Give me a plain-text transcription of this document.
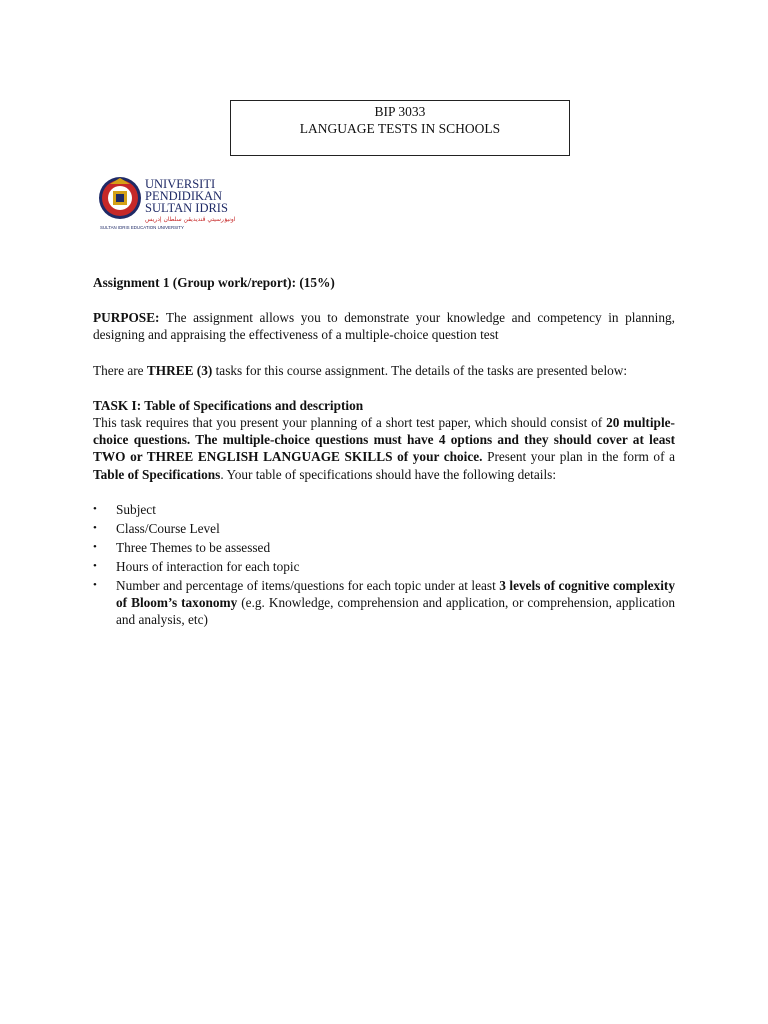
BIP 3033
LANGUAGE TESTS IN SCHOOLS
UNIVERSITI
PENDIDIKAN
SULTAN IDRIS
اونيۏرسيتي ڤنديديقن سلطان إدريس
SULTAN IDRIS EDUCATION UNIVERSITY

Assignment 1 (Group work/report): (15%)

PURPOSE: The assignment allows you to demonstrate your knowledge and competency in planning, designing and appraising the effectiveness of a multiple-choice question test

There are THREE (3) tasks for this course assignment. The details of the tasks are presented below:

TASK I: Table of Specifications and description

This task requires that you present your planning of a short test paper, which should consist of 20 multiple-choice questions. The multiple-choice questions must have 4 options and they should cover at least TWO or THREE ENGLISH LANGUAGE SKILLS of your choice. Present your plan in the form of a Table of Specifications. Your table of specifications should have the following details:

• Subject
• Class/Course Level
• Three Themes to be assessed
• Hours of interaction for each topic
• Number and percentage of items/questions for each topic under at least 3 levels of cognitive complexity of Bloom’s taxonomy (e.g. Knowledge, comprehension and application, or comprehension, application and analysis, etc)
